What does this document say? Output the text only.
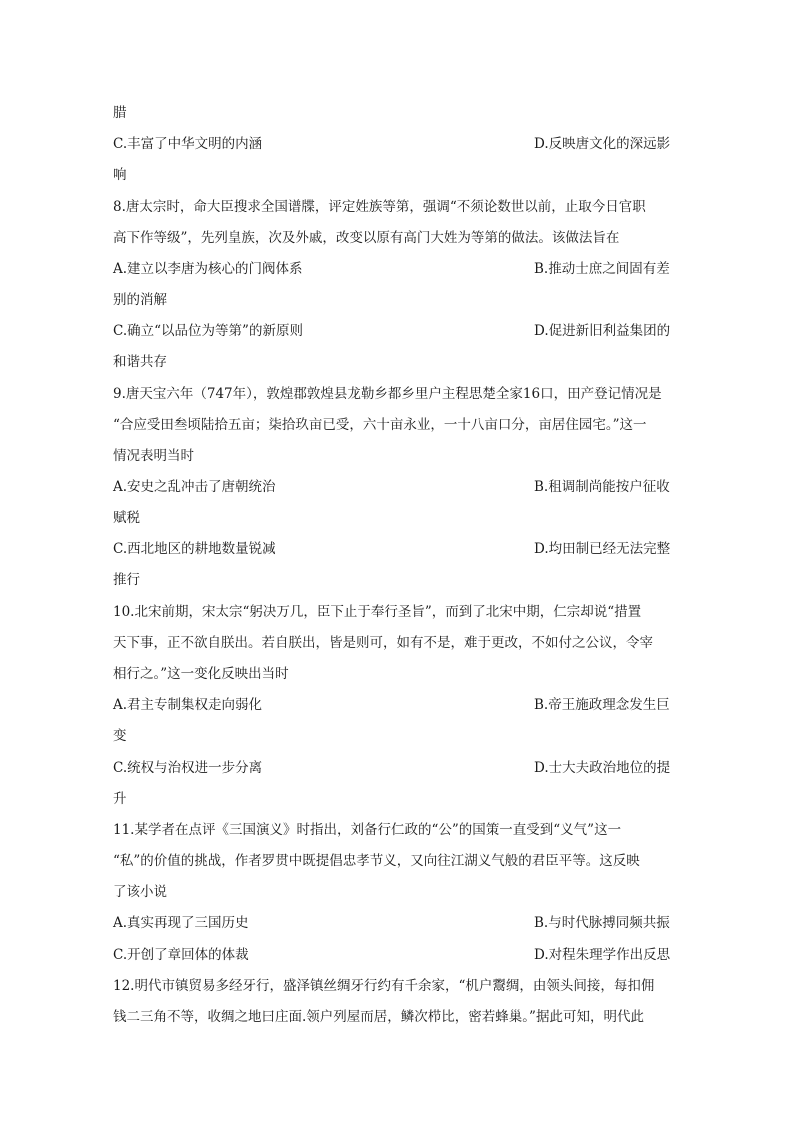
腊
C.丰富了中华文明的内涵	D.反映唐文化的深远影
响
8.唐太宗时，命大臣搜求全国谱牒，评定姓族等第，强调“不须论数世以前，止取今日官职
高下作等级”，先列皇族，次及外戚，改变以原有高门大姓为等第的做法。该做法旨在
A.建立以李唐为核心的门阀体系	B.推动士庶之间固有差
别的消解
C.确立“以品位为等第”的新原则	D.促进新旧利益集团的
和谐共存
9.唐天宝六年（747年），敦煌郡敦煌县龙勒乡都乡里户主程思楚全家16口，田产登记情况是
“合应受田叁顷陆拾五亩；柒拾玖亩已受，六十亩永业，一十八亩口分，亩居住园宅。”这一
情况表明当时
A.安史之乱冲击了唐朝统治	B.租调制尚能按户征收
赋税
C.西北地区的耕地数量锐减	D.均田制已经无法完整
推行
10.北宋前期，宋太宗“躬决万几，臣下止于奉行圣旨”，而到了北宋中期，仁宗却说“措置
天下事，正不欲自朕出。若自朕出，皆是则可，如有不是，难于更改，不如付之公议，令宰
相行之。”这一变化反映出当时
A.君主专制集权走向弱化	B.帝王施政理念发生巨
变
C.统权与治权进一步分离	D.士大夫政治地位的提
升
11.某学者在点评《三国演义》时指出，刘备行仁政的“公”的国策一直受到“义气”这一
“私”的价值的挑战，作者罗贯中既提倡忠孝节义，又向往江湖义气般的君臣平等。这反映
了该小说
A.真实再现了三国历史	B.与时代脉搏同频共振
C.开创了章回体的体裁	D.对程朱理学作出反思
12.明代市镇贸易多经牙行，盛泽镇丝绸牙行约有千余家，“机户鬻绸，由领头间接，每扣佣
钱二三角不等，收绸之地曰庄面.领户列屋而居，鳞次栉比，密若蜂巢。”据此可知，明代此
